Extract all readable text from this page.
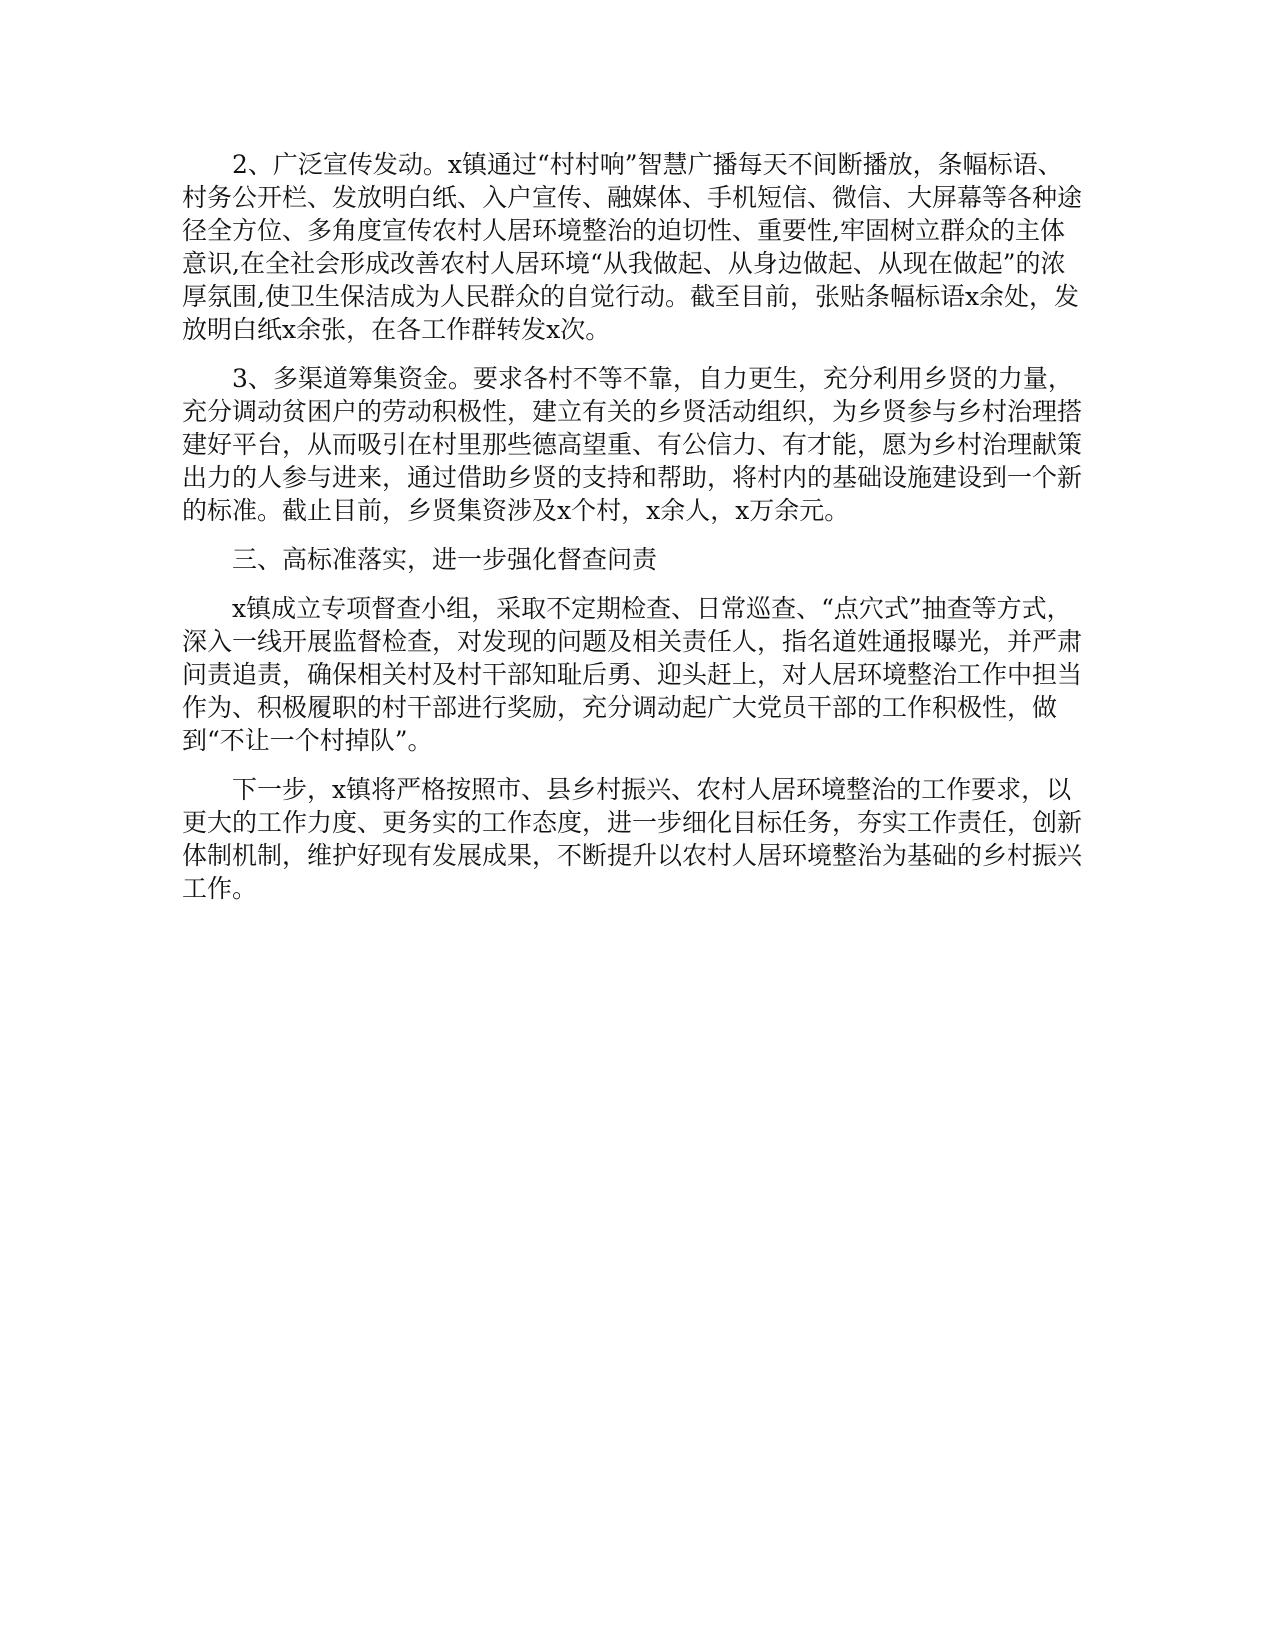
2、广泛宣传发动。x镇通过“村村响”智慧广播每天不间断播放，条幅标语、村务公开栏、发放明白纸、入户宣传、融媒体、手机短信、微信、大屏幕等各种途径全方位、多角度宣传农村人居环境整治的迫切性、重要性,牢固树立群众的主体意识,在全社会形成改善农村人居环境“从我做起、从身边做起、从现在做起”的浓厚氛围,使卫生保洁成为人民群众的自觉行动。截至目前，张贴条幅标语x余处，发放明白纸x余张，在各工作群转发x次。

3、多渠道筹集资金。要求各村不等不靠，自力更生，充分利用乡贤的力量，充分调动贫困户的劳动积极性，建立有关的乡贤活动组织，为乡贤参与乡村治理搭建好平台，从而吸引在村里那些德高望重、有公信力、有才能，愿为乡村治理献策出力的人参与进来，通过借助乡贤的支持和帮助，将村内的基础设施建设到一个新的标准。截止目前，乡贤集资涉及x个村，x余人，x万余元。

三、高标准落实，进一步强化督查问责

x镇成立专项督查小组，采取不定期检查、日常巡查、“点穴式”抽查等方式，深入一线开展监督检查，对发现的问题及相关责任人，指名道姓通报曝光，并严肃问责追责，确保相关村及村干部知耻后勇、迎头赶上，对人居环境整治工作中担当作为、积极履职的村干部进行奖励，充分调动起广大党员干部的工作积极性，做到“不让一个村掉队”。

下一步，x镇将严格按照市、县乡村振兴、农村人居环境整治的工作要求，以更大的工作力度、更务实的工作态度，进一步细化目标任务，夯实工作责任，创新体制机制，维护好现有发展成果，不断提升以农村人居环境整治为基础的乡村振兴工作。
